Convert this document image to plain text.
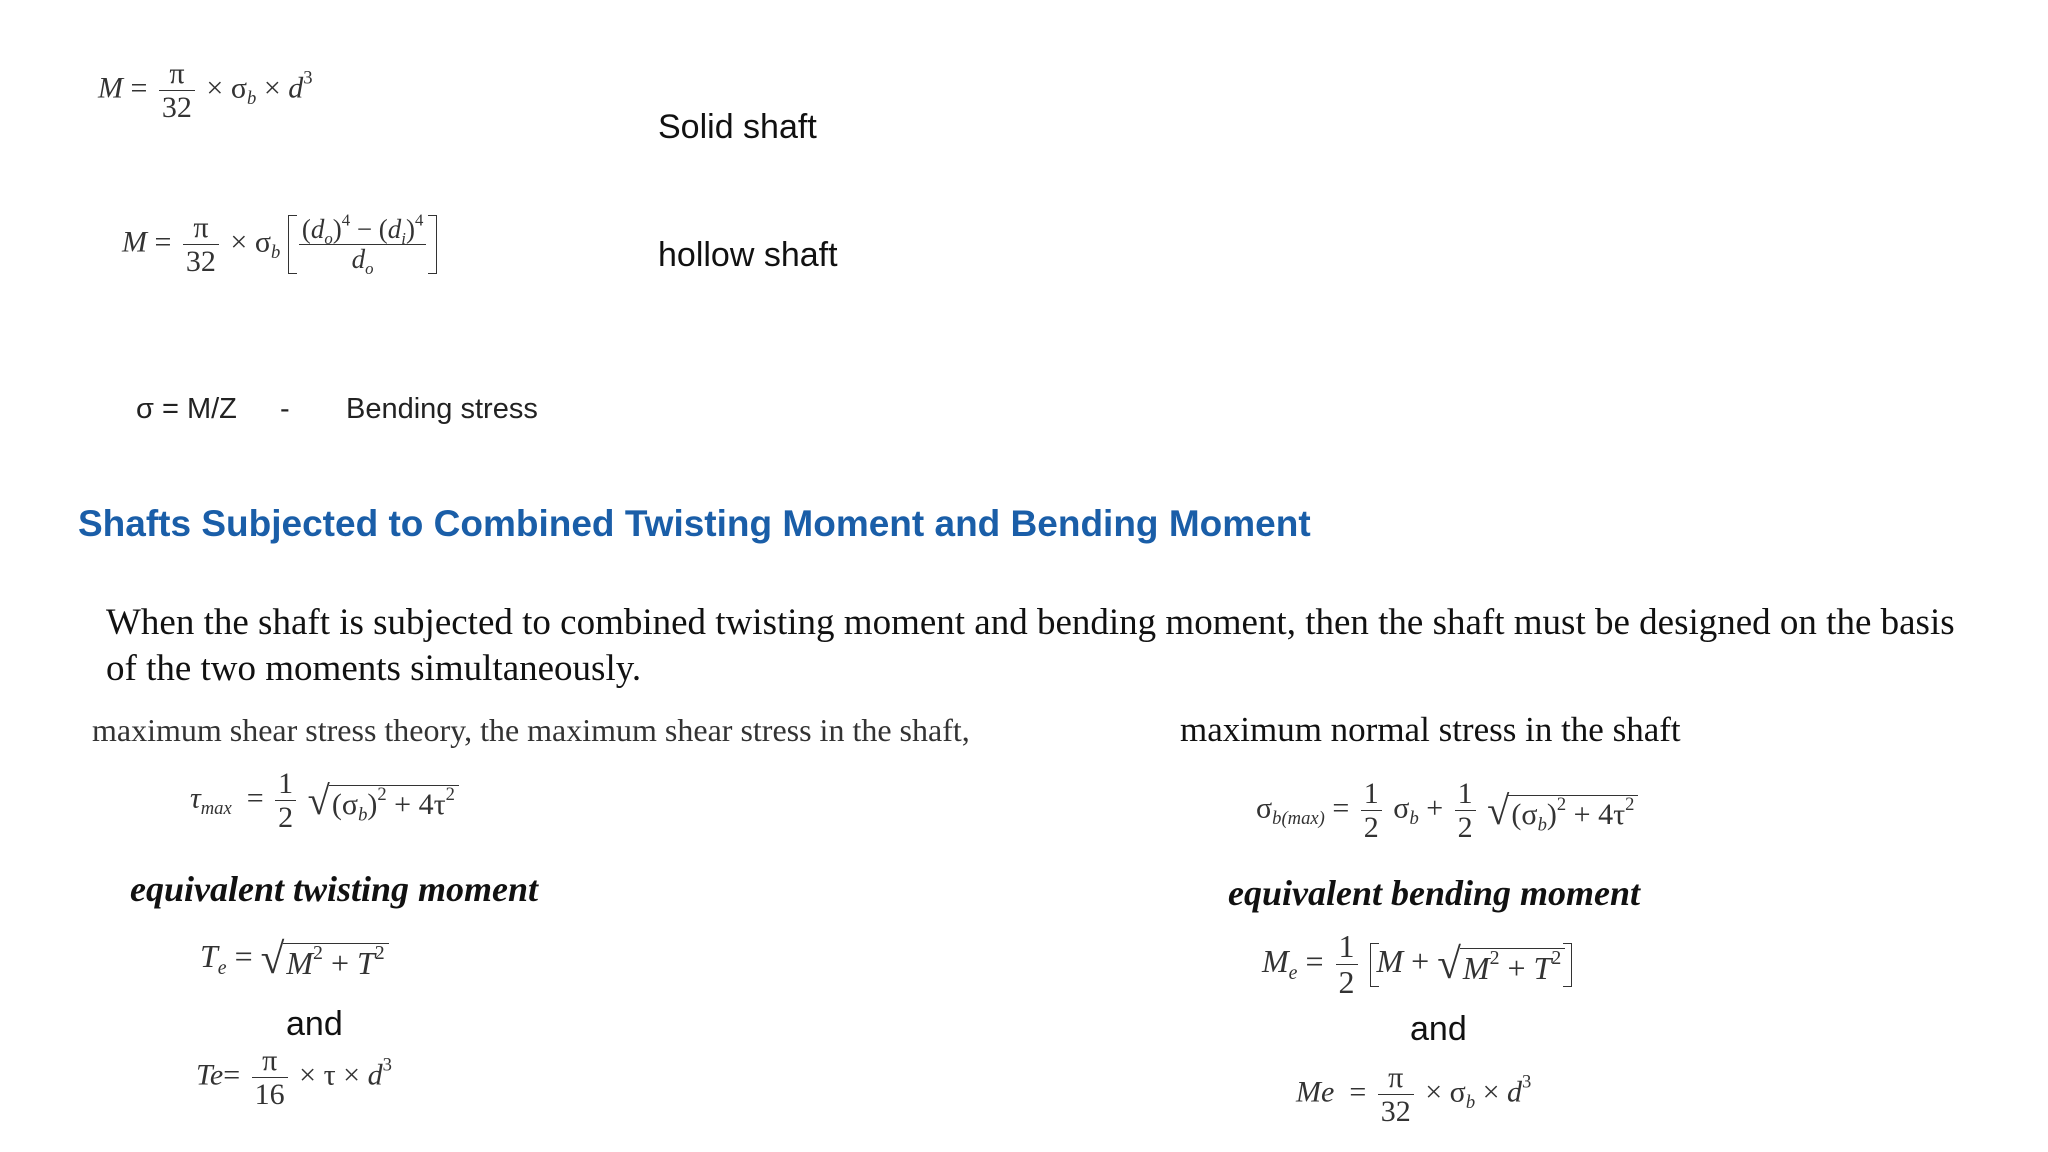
$M = \frac{\pi}{32} \times \sigma_b \times d^3$
Solid shaft
$M = \frac{\pi}{32} \times \sigma_b \frac{(d_o)^4 - (d_i)^4}{d_o}$	hollow shaft
σ = M/Z - Bending stress
Shafts Subjected to Combined Twisting Moment and Bending Moment
When the shaft is subjected to combined twisting moment and bending moment, then the shaft must be designed on the basis of the two moments simultaneously.
maximum shear stress theory, the maximum shear stress in the shaft,
$\tau_{max} = \frac{1}{2}$
√ $(\sigma_b)^2 + 4\tau^2$
equivalent twisting moment
$T_e$ = √ $M^2 + T^2$
and
$Te= \frac{\pi}{16} \times \tau \times d^3$
maximum normal stress in the shaft
$\sigma_{b(max)} = \frac{1}{2} \sigma_b + \frac{1}{2}$
√ $(\sigma_b)^2 + 4\tau^2$
equivalent bending moment
$M_e = \frac{1}{2}$ M + √ $M^2 + T^2$
and
$Me = \frac{\pi}{32} \times \sigma_b \times d^3$
